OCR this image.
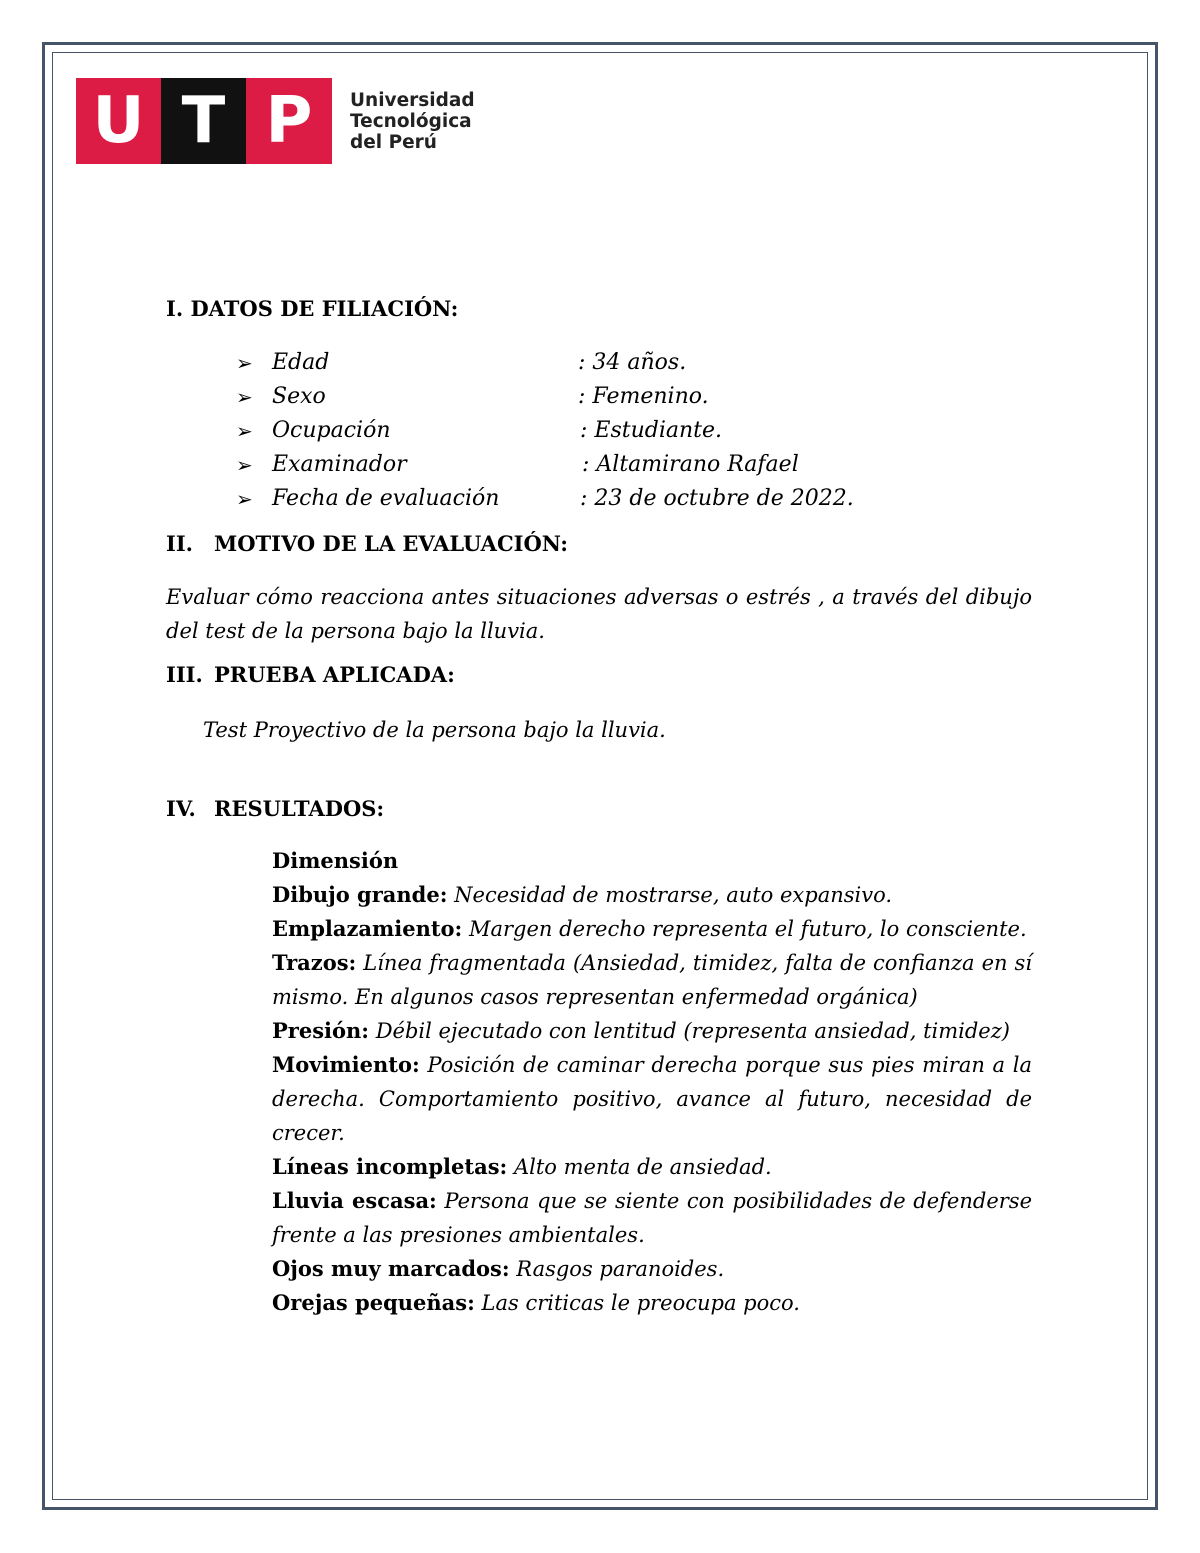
U T P	Universidad
Tecnológica
del Perú
I. DATOS DE FILIACIÓN:
➢ Edad	: 34 años.
➢ Sexo	: Femenino.
➢ Ocupación	: Estudiante.
➢ Examinador	: Altamirano Rafael
➢ Fecha de evaluación	: 23 de octubre de 2022.
II. MOTIVO DE LA EVALUACIÓN:
Evaluar cómo reacciona antes situaciones adversas o estrés , a través del dibujo del test de la persona bajo la lluvia.
III. PRUEBA APLICADA:
Test Proyectivo de la persona bajo la lluvia.
IV. RESULTADOS:
Dimensión
Dibujo grande: Necesidad de mostrarse, auto expansivo.
Emplazamiento: Margen derecho representa el futuro, lo consciente.
Trazos: Línea fragmentada (Ansiedad, timidez, falta de confianza en sí mismo. En algunos casos representan enfermedad orgánica)
Presión: Débil ejecutado con lentitud (representa ansiedad, timidez)
Movimiento: Posición de caminar derecha porque sus pies miran a la derecha. Comportamiento positivo, avance al futuro, necesidad de crecer.
Líneas incompletas: Alto menta de ansiedad.
Lluvia escasa: Persona que se siente con posibilidades de defenderse frente a las presiones ambientales.
Ojos muy marcados: Rasgos paranoides.
Orejas pequeñas: Las criticas le preocupa poco.
